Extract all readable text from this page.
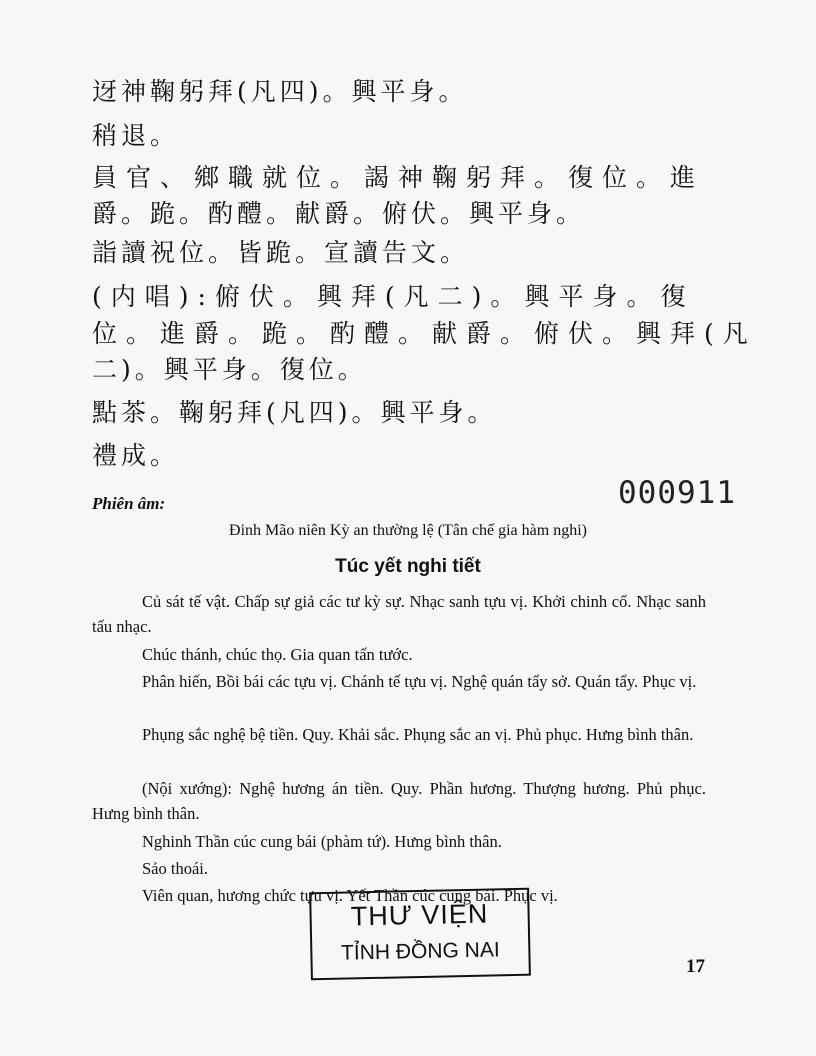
迓神鞠躬拜(凡四)。興平身。
稍退。
員官、鄉職就位。謁神鞠躬拜。復位。進
爵。跪。酌醴。献爵。俯伏。興平身。
詣讀祝位。皆跪。宣讀告文。
(内唱):俯伏。興拜(凡二)。興平身。復
位。進爵。跪。酌醴。献爵。俯伏。興拜(凡
二)。興平身。復位。
點茶。鞠躬拜(凡四)。興平身。
禮成。
000911
Phiên âm:
Đinh Mão niên Kỳ an thường lệ (Tân chế gia hàm nghi)
Túc yết nghi tiết
Củ sát tế vật. Chấp sự giả các tư kỳ sự. Nhạc sanh tựu vị. Khởi chinh cổ. Nhạc sanh tấu nhạc.
Chúc thánh, chúc thọ. Gia quan tấn tước.
Phân hiến, Bồi bái các tựu vị. Chánh tế tựu vị. Nghệ quán tẩy sở. Quán tẩy. Phục vị.
Phụng sắc nghệ bệ tiền. Quy. Khải sắc. Phụng sắc an vị. Phủ phục. Hưng bình thân.
(Nội xướng): Nghệ hương án tiền. Quy. Phần hương. Thượng hương. Phủ phục. Hưng bình thân.
Nghinh Thần cúc cung bái (phàm tứ). Hưng bình thân.
Sảo thoái.
Viên quan, hương chức tựu vị. Yết Thần cúc cung bái. Phục vị.
THƯ VIỆN
TỈNH ĐỒNG NAI
17
